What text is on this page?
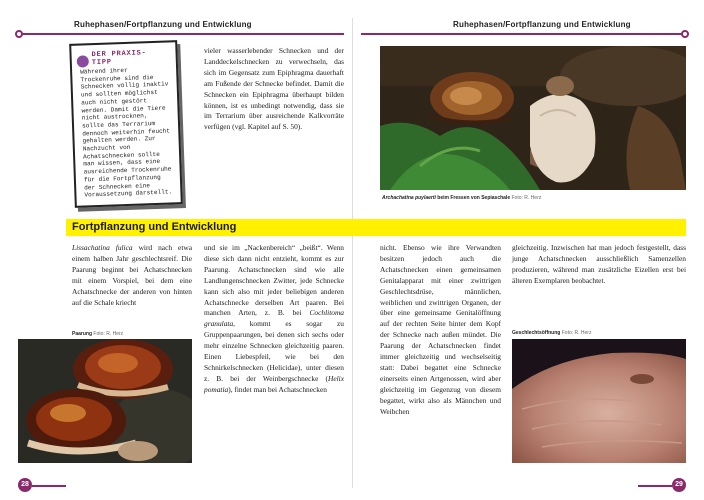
Ruhephasen/Fortpflanzung und Entwicklung	Ruhephasen/Fortpflanzung und Entwicklung
DER PRAXIS-
TIPP
Während ihrer Trockenruhe sind die Schnecken völlig inaktiv und sollten möglichst auch nicht gestört werden. Damit die Tiere nicht austrocknen, sollte das Terrarium dennoch weiterhin feucht gehalten werden. Zur Nachzucht von Achatschnecken sollte man wissen, dass eine ausreichende Trockenruhe für die Fortpflanzung der Schnecken eine Voraussetzung darstellt.
vieler wasserlebender Schnecken und der Landdeckelschnecken zu verwechseln, das sich im Gegensatz zum Epiphragma dauerhaft am Fußende der Schnecke befindet. Damit die Schnecken ein Epiphragma überhaupt bilden können, ist es unbedingt notwendig, dass sie im Terrarium über ausreichende Kalkvorräte verfügen (vgl. Kapitel auf S. 50).
Archachatina puylaerti beim Fressen von Sepiaschale Foto: R. Herz
Fortpflanzung und Entwicklung
Lissachatina fulica wird nach etwa einem halben Jahr geschlechtsreif. Die Paarung beginnt bei Achatschnecken mit einem Vorspiel, bei dem eine Achatschnecke der anderen von hinten auf die Schale kriecht
Paarung Foto: R. Herz
und sie im „Nackenbereich“ „beißt“. Wenn diese sich dann nicht entzieht, kommt es zur Paarung. Achatschnecken sind wie alle Landlungenschnecken Zwitter, jede Schnecke kann sich also mit jeder beliebigen anderen Achatschnecke derselben Art paaren. Bei manchen Arten, z. B. bei Cochlitoma granulata, kommt es sogar zu Gruppenpaarungen, bei denen sich sechs oder mehr einzelne Schnecken gleichzeitig paaren. Einen Liebespfeil, wie bei den Schnirkelschnecken (Helicidae), unter diesen z. B. bei der Weinbergschnecke (Helix pomatia), findet man bei Achatschnecken
nicht. Ebenso wie ihre Verwandten besitzen jedoch auch die Achatschnecken einen gemeinsamen Genitalapparat mit einer zwittrigen Geschlechtsdrüse, männlichen, weiblichen und zwittrigen Organen, der über eine gemeinsame Genitalöffnung auf der rechten Seite hinter dem Kopf der Schnecke nach außen mündet. Die Paarung der Achatschnecken findet immer gleichzeitig und wechselseitig statt: Dabei begattet eine Schnecke einerseits einen Artgenossen, wird aber gleichzeitig im Gegenzug von diesem begattet, wirkt also als Männchen und Weibchen
gleichzeitig. Inzwischen hat man jedoch festgestellt, dass junge Achatschnecken ausschließlich Samenzellen produzieren, während man zusätzliche Eizellen erst bei älteren Exemplaren beobachtet.
Geschlechtsöffnung Foto: R. Herz
28	29
